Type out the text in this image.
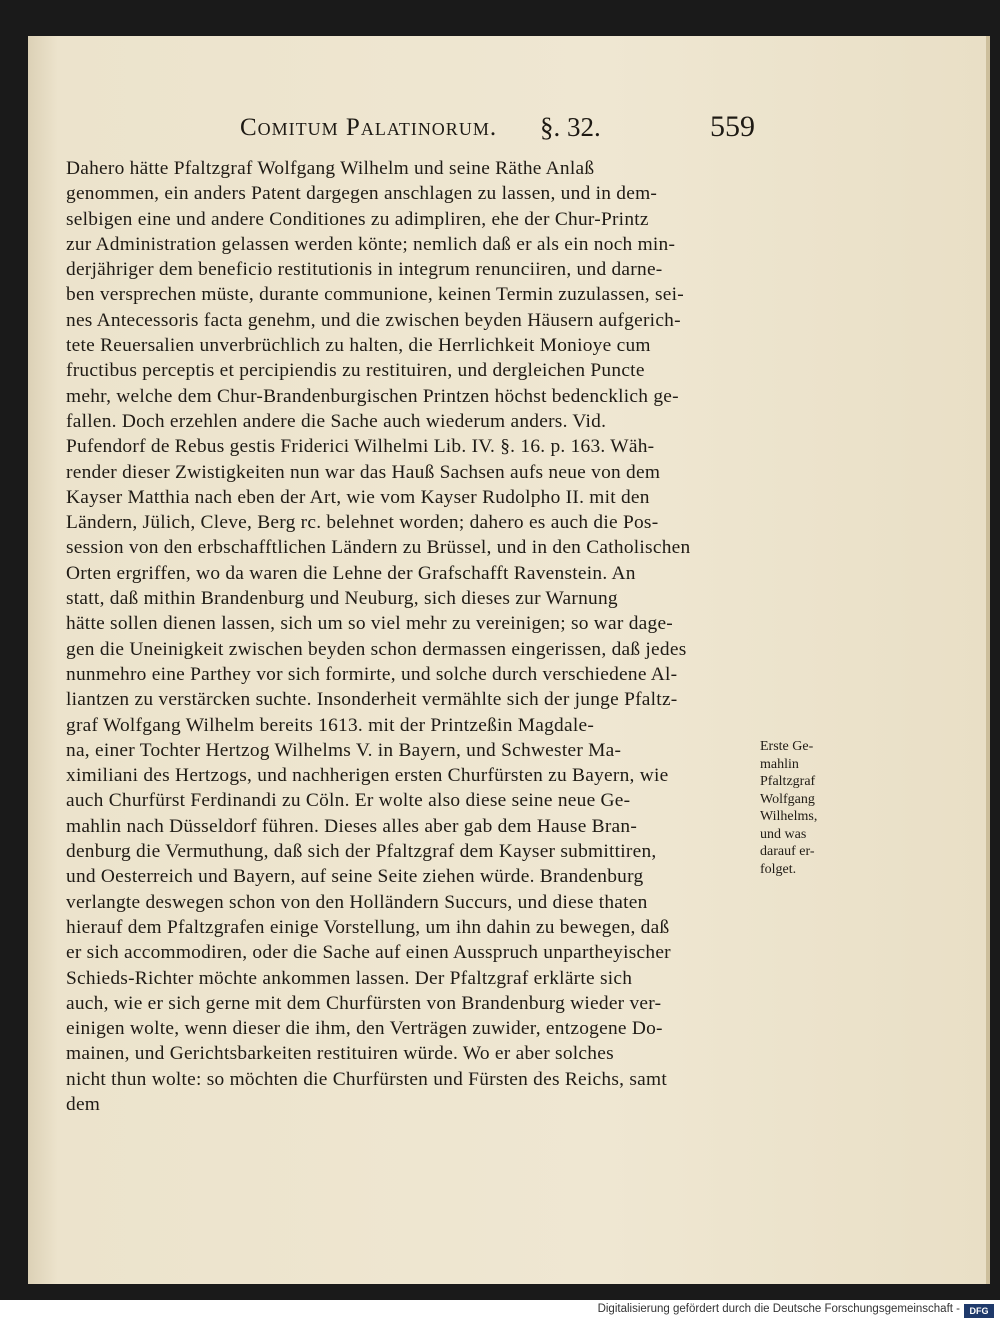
Comitum Palatinorum. §. 32.	559
Dahero hätte Pfaltzgraf Wolfgang Wilhelm und seine Räthe Anlaß
genommen, ein anders Patent dargegen anschlagen zu lassen, und in dem-
selbigen eine und andere Conditiones zu adimpliren, ehe der Chur-Printz
zur Administration gelassen werden könte; nemlich daß er als ein noch min-
derjähriger dem beneficio restitutionis in integrum renunciiren, und darne-
ben versprechen müste, durante communione, keinen Termin zuzulassen, sei-
nes Antecessoris facta genehm, und die zwischen beyden Häusern aufgerich-
tete Reuersalien unverbrüchlich zu halten, die Herrlichkeit Monioye cum
fructibus perceptis et percipiendis zu restituiren, und dergleichen Puncte
mehr, welche dem Chur-Brandenburgischen Printzen höchst bedencklich ge-
fallen. Doch erzehlen andere die Sache auch wiederum anders. Vid.
Pufendorf de Rebus gestis Friderici Wilhelmi Lib. IV. §. 16. p. 163. Wäh-
render dieser Zwistigkeiten nun war das Hauß Sachsen aufs neue von dem
Kayser Matthia nach eben der Art, wie vom Kayser Rudolpho II. mit den
Ländern, Jülich, Cleve, Berg rc. belehnet worden; dahero es auch die Pos-
session von den erbschafftlichen Ländern zu Brüssel, und in den Catholischen
Orten ergriffen, wo da waren die Lehne der Grafschafft Ravenstein. An
statt, daß mithin Brandenburg und Neuburg, sich dieses zur Warnung
hätte sollen dienen lassen, sich um so viel mehr zu vereinigen; so war dage-
gen die Uneinigkeit zwischen beyden schon dermassen eingerissen, daß jedes
nunmehro eine Parthey vor sich formirte, und solche durch verschiedene Al-
liantzen zu verstärcken suchte. Insonderheit vermählte sich der junge Pfaltz-
graf Wolfgang Wilhelm bereits 1613. mit der Printzeßin Magdale-
na, einer Tochter Hertzog Wilhelms V. in Bayern, und Schwester Ma-
ximiliani des Hertzogs, und nachherigen ersten Churfürsten zu Bayern, wie
auch Churfürst Ferdinandi zu Cöln. Er wolte also diese seine neue Ge-
mahlin nach Düsseldorf führen. Dieses alles aber gab dem Hause Bran-
denburg die Vermuthung, daß sich der Pfaltzgraf dem Kayser submittiren,
und Oesterreich und Bayern, auf seine Seite ziehen würde. Brandenburg
verlangte deswegen schon von den Holländern Succurs, und diese thaten
hierauf dem Pfaltzgrafen einige Vorstellung, um ihn dahin zu bewegen, daß
er sich accommodiren, oder die Sache auf einen Ausspruch unpartheyischer
Schieds-Richter möchte ankommen lassen. Der Pfaltzgraf erklärte sich
auch, wie er sich gerne mit dem Churfürsten von Brandenburg wieder ver-
einigen wolte, wenn dieser die ihm, den Verträgen zuwider, entzogene Do-
mainen, und Gerichtsbarkeiten restituiren würde. Wo er aber solches
nicht thun wolte: so möchten die Churfürsten und Fürsten des Reichs, samt
dem
Erste Ge-
mahlin
Pfaltzgraf
Wolfgang
Wilhelms,
und was
darauf er-
folget.
Digitalisierung gefördert durch die Deutsche Forschungsgemeinschaft -	DFG
